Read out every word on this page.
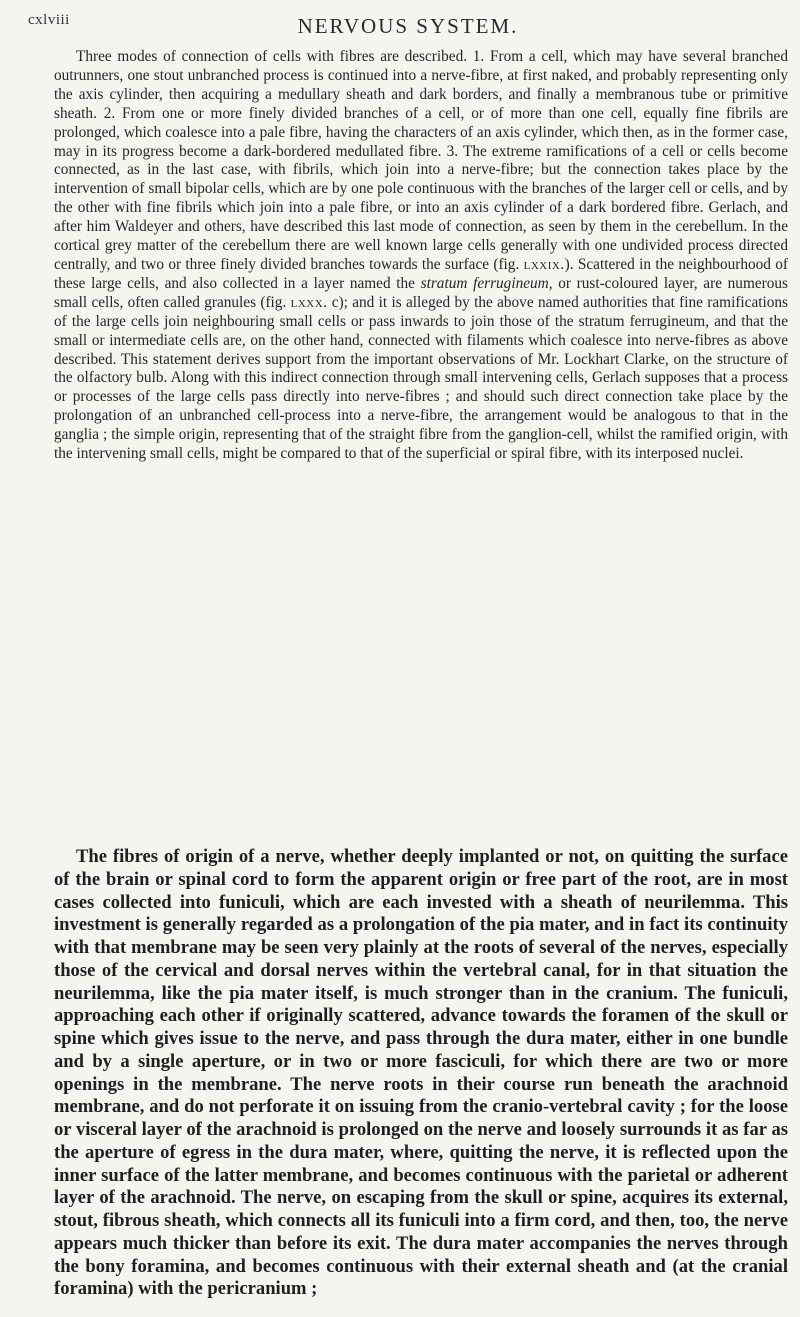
cxlviii	NERVOUS SYSTEM.

Three modes of connection of cells with fibres are described. 1. From a cell, which may have several branched outrunners, one stout unbranched process is continued into a nerve-fibre, at first naked, and probably representing only the axis cylinder, then acquiring a medullary sheath and dark borders, and finally a membranous tube or primitive sheath. 2. From one or more finely divided branches of a cell, or of more than one cell, equally fine fibrils are prolonged, which coalesce into a pale fibre, having the characters of an axis cylinder, which then, as in the former case, may in its progress become a dark-bordered medullated fibre. 3. The extreme ramifications of a cell or cells become connected, as in the last case, with fibrils, which join into a nerve-fibre; but the connection takes place by the intervention of small bipolar cells, which are by one pole continuous with the branches of the larger cell or cells, and by the other with fine fibrils which join into a pale fibre, or into an axis cylinder of a dark bordered fibre. Gerlach, and after him Waldeyer and others, have described this last mode of connection, as seen by them in the cerebellum. In the cortical grey matter of the cerebellum there are well known large cells generally with one undivided process directed centrally, and two or three finely divided branches towards the surface (fig. lxxix.). Scattered in the neighbourhood of these large cells, and also collected in a layer named the stratum ferrugineum, or rust-coloured layer, are numerous small cells, often called granules (fig. lxxx. c); and it is alleged by the above named authorities that fine ramifications of the large cells join neighbouring small cells or pass inwards to join those of the stratum ferrugineum, and that the small or intermediate cells are, on the other hand, connected with filaments which coalesce into nerve-fibres as above described. This statement derives support from the important observations of Mr. Lockhart Clarke, on the structure of the olfactory bulb. Along with this indirect connection through small intervening cells, Gerlach supposes that a process or processes of the large cells pass directly into nerve-fibres ; and should such direct connection take place by the prolongation of an unbranched cell-process into a nerve-fibre, the arrangement would be analogous to that in the ganglia ; the simple origin, representing that of the straight fibre from the ganglion-cell, whilst the ramified origin, with the intervening small cells, might be compared to that of the superficial or spiral fibre, with its interposed nuclei.

The fibres of origin of a nerve, whether deeply implanted or not, on quitting the surface of the brain or spinal cord to form the apparent origin or free part of the root, are in most cases collected into funiculi, which are each invested with a sheath of neurilemma. This investment is generally regarded as a prolongation of the pia mater, and in fact its continuity with that membrane may be seen very plainly at the roots of several of the nerves, especially those of the cervical and dorsal nerves within the vertebral canal, for in that situation the neurilemma, like the pia mater itself, is much stronger than in the cranium. The funiculi, approaching each other if originally scattered, advance towards the foramen of the skull or spine which gives issue to the nerve, and pass through the dura mater, either in one bundle and by a single aperture, or in two or more fasciculi, for which there are two or more openings in the membrane. The nerve roots in their course run beneath the arachnoid membrane, and do not perforate it on issuing from the cranio-vertebral cavity ; for the loose or visceral layer of the arachnoid is prolonged on the nerve and loosely surrounds it as far as the aperture of egress in the dura mater, where, quitting the nerve, it is reflected upon the inner surface of the latter membrane, and becomes continuous with the parietal or adherent layer of the arachnoid. The nerve, on escaping from the skull or spine, acquires its external, stout, fibrous sheath, which connects all its funiculi into a firm cord, and then, too, the nerve appears much thicker than before its exit. The dura mater accompanies the nerves through the bony foramina, and becomes continuous with their external sheath and (at the cranial foramina) with the pericranium ;
